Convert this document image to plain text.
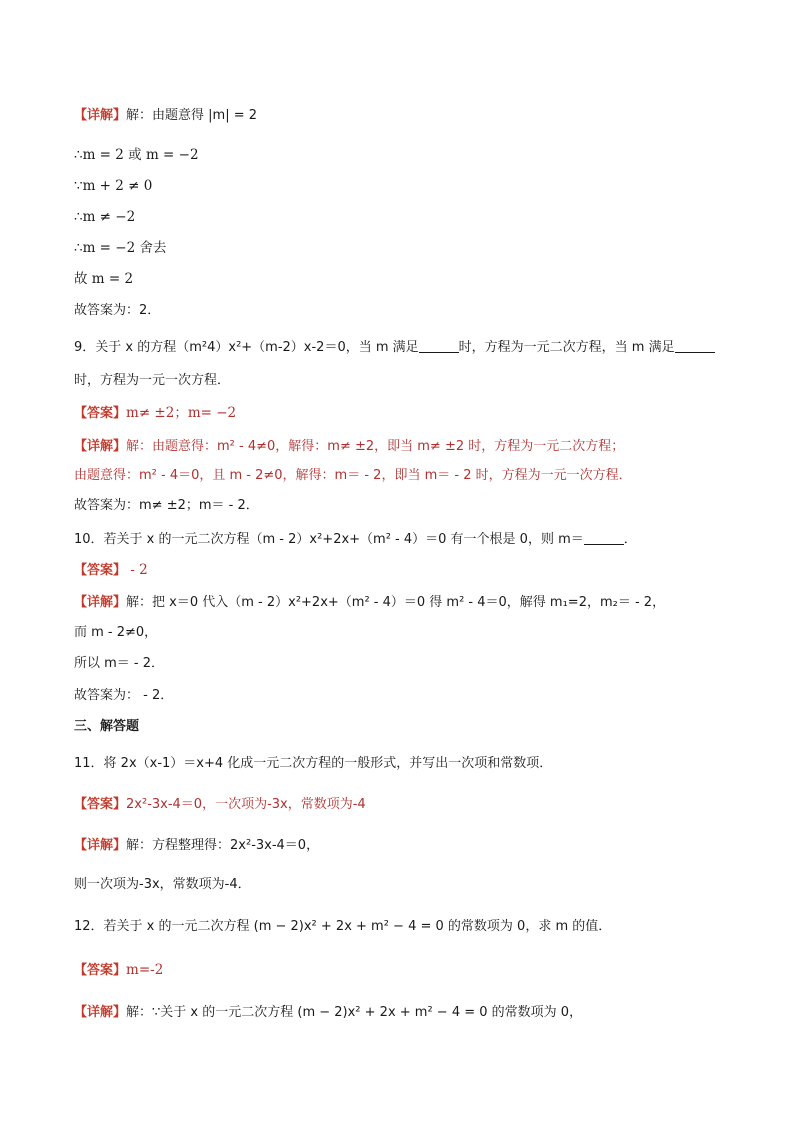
【详解】解：由题意得 |m| = 2
∴m = 2 或 m = −2
∵m + 2 ≠ 0
∴m ≠ −2
∴m = −2 舍去
故 m = 2
故答案为：2．
9．关于 x 的方程（m²4）x²+（m-2）x-2＝0，当 m 满足	时，方程为一元二次方程，当 m 满足
时，方程为一元一次方程．
【答案】m≠ ±2；m= −2
【详解】解：由题意得：m² - 4≠0，解得：m≠ ±2，即当 m≠ ±2 时，方程为一元二次方程；
由题意得：m² - 4＝0，且 m - 2≠0，解得：m＝ - 2，即当 m＝ - 2 时，方程为一元一次方程．
故答案为：m≠ ±2；m＝ - 2．
10．若关于 x 的一元二次方程（m - 2）x²+2x+（m² - 4）＝0 有一个根是 0，则 m＝	．
【答案】 - 2
【详解】解：把 x＝0 代入（m - 2）x²+2x+（m² - 4）＝0 得 m² - 4＝0，解得 m₁=2，m₂＝ - 2，
而 m - 2≠0，
所以 m＝ - 2．
故答案为： - 2．
三、解答题
11．将 2x（x-1）＝x+4 化成一元二次方程的一般形式，并写出一次项和常数项．
【答案】2x²-3x-4＝0，一次项为-3x，常数项为-4
【详解】解：方程整理得：2x²-3x-4＝0，
则一次项为-3x，常数项为-4．
12．若关于 x 的一元二次方程 (m − 2)x² + 2x + m² − 4 = 0 的常数项为 0，求 m 的值．
【答案】m=-2
【详解】解：∵关于 x 的一元二次方程 (m − 2)x² + 2x + m² − 4 = 0 的常数项为 0，
